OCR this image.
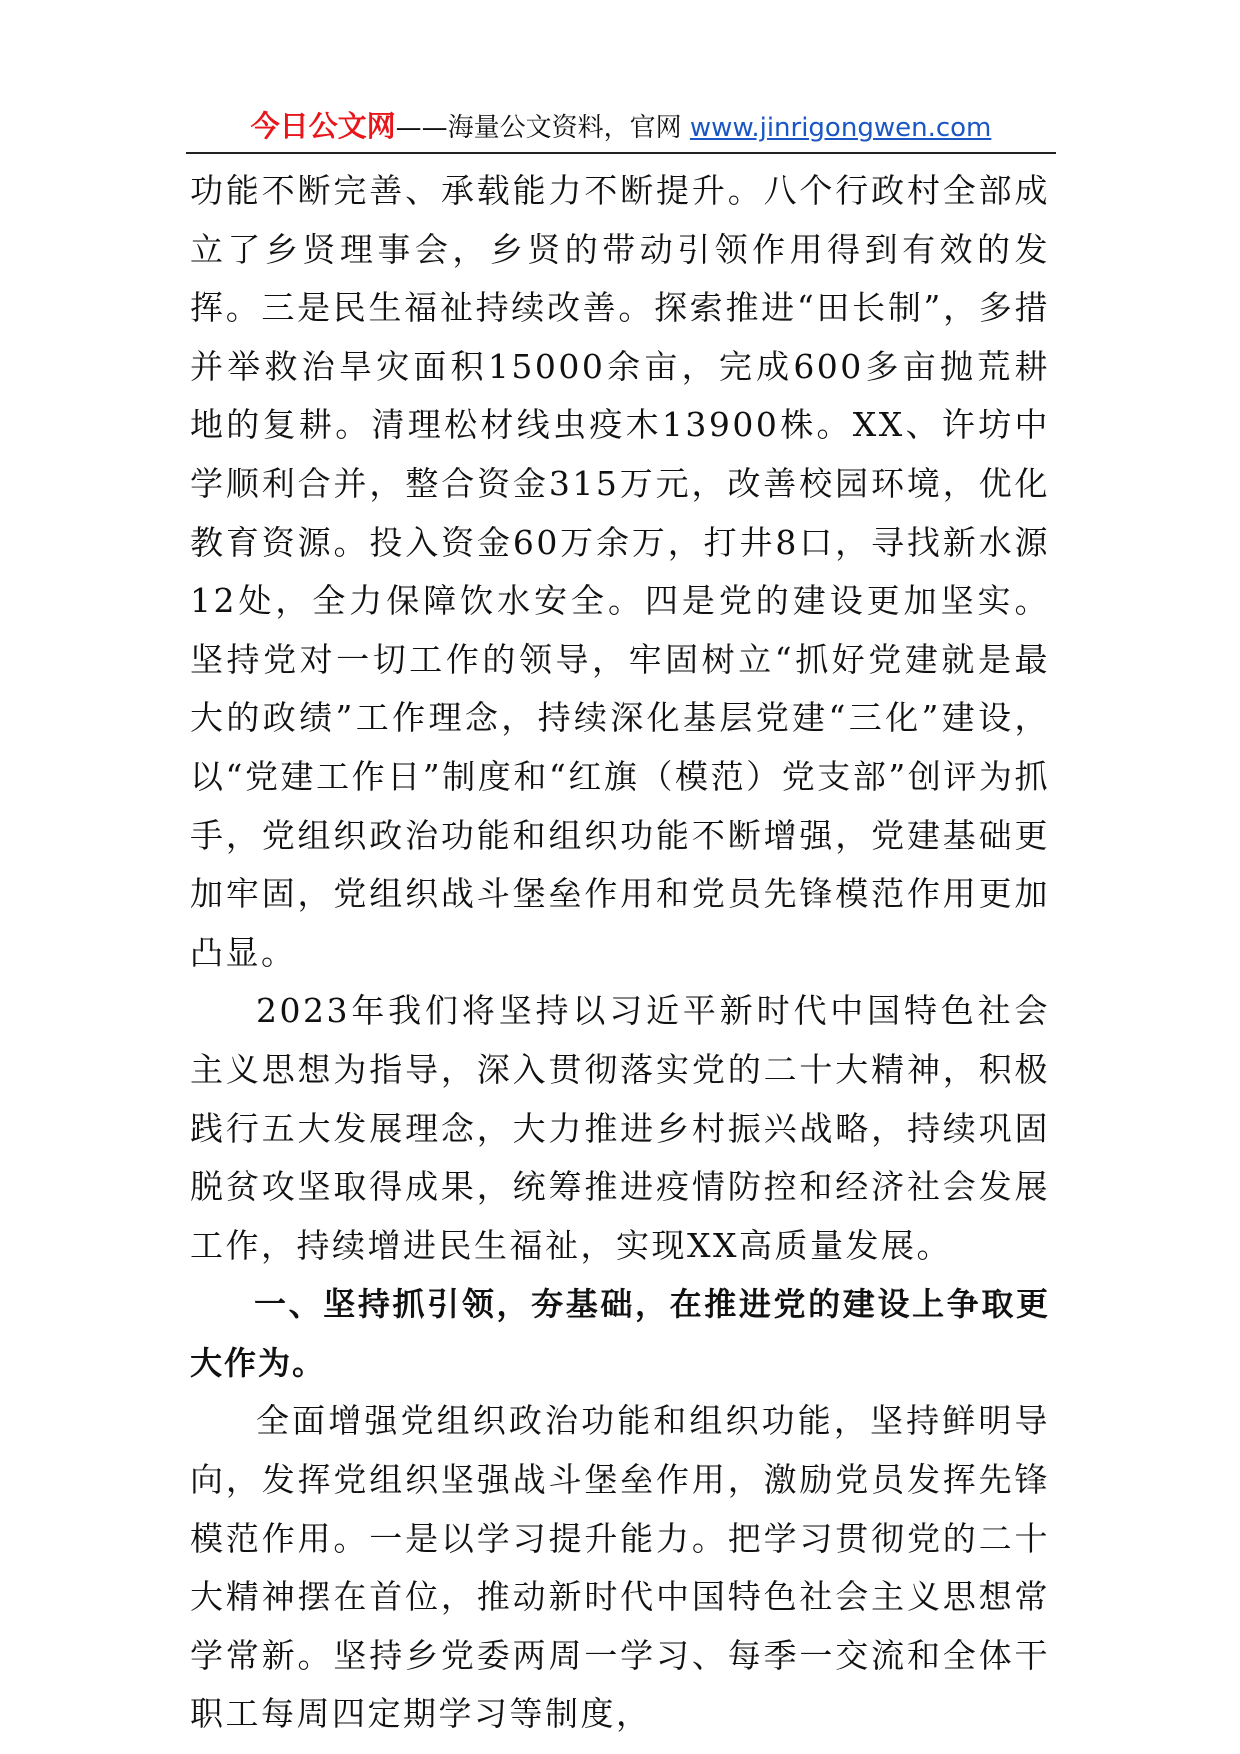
今日公文网——海量公文资料，官网 www.jinrigongwen.com

功能不断完善、承载能力不断提升。八个行政村全部成立了乡贤理事会，乡贤的带动引领作用得到有效的发挥。三是民生福祉持续改善。探索推进“田长制”，多措并举救治旱灾面积15000余亩，完成600多亩抛荒耕地的复耕。清理松材线虫疫木13900株。XX、许坊中学顺利合并，整合资金315万元，改善校园环境，优化教育资源。投入资金60万余万，打井8口，寻找新水源12处，全力保障饮水安全。四是党的建设更加坚实。坚持党对一切工作的领导，牢固树立“抓好党建就是最大的政绩”工作理念，持续深化基层党建“三化”建设，以“党建工作日”制度和“红旗（模范）党支部”创评为抓手，党组织政治功能和组织功能不断增强，党建基础更加牢固，党组织战斗堡垒作用和党员先锋模范作用更加凸显。

2023年我们将坚持以习近平新时代中国特色社会主义思想为指导，深入贯彻落实党的二十大精神，积极践行五大发展理念，大力推进乡村振兴战略，持续巩固脱贫攻坚取得成果，统筹推进疫情防控和经济社会发展工作，持续增进民生福祉，实现XX高质量发展。

一、坚持抓引领，夯基础，在推进党的建设上争取更大作为。

全面增强党组织政治功能和组织功能，坚持鲜明导向，发挥党组织坚强战斗堡垒作用，激励党员发挥先锋模范作用。一是以学习提升能力。把学习贯彻党的二十大精神摆在首位，推动新时代中国特色社会主义思想常学常新。坚持乡党委两周一学习、每季一交流和全体干职工每周四定期学习等制度，
